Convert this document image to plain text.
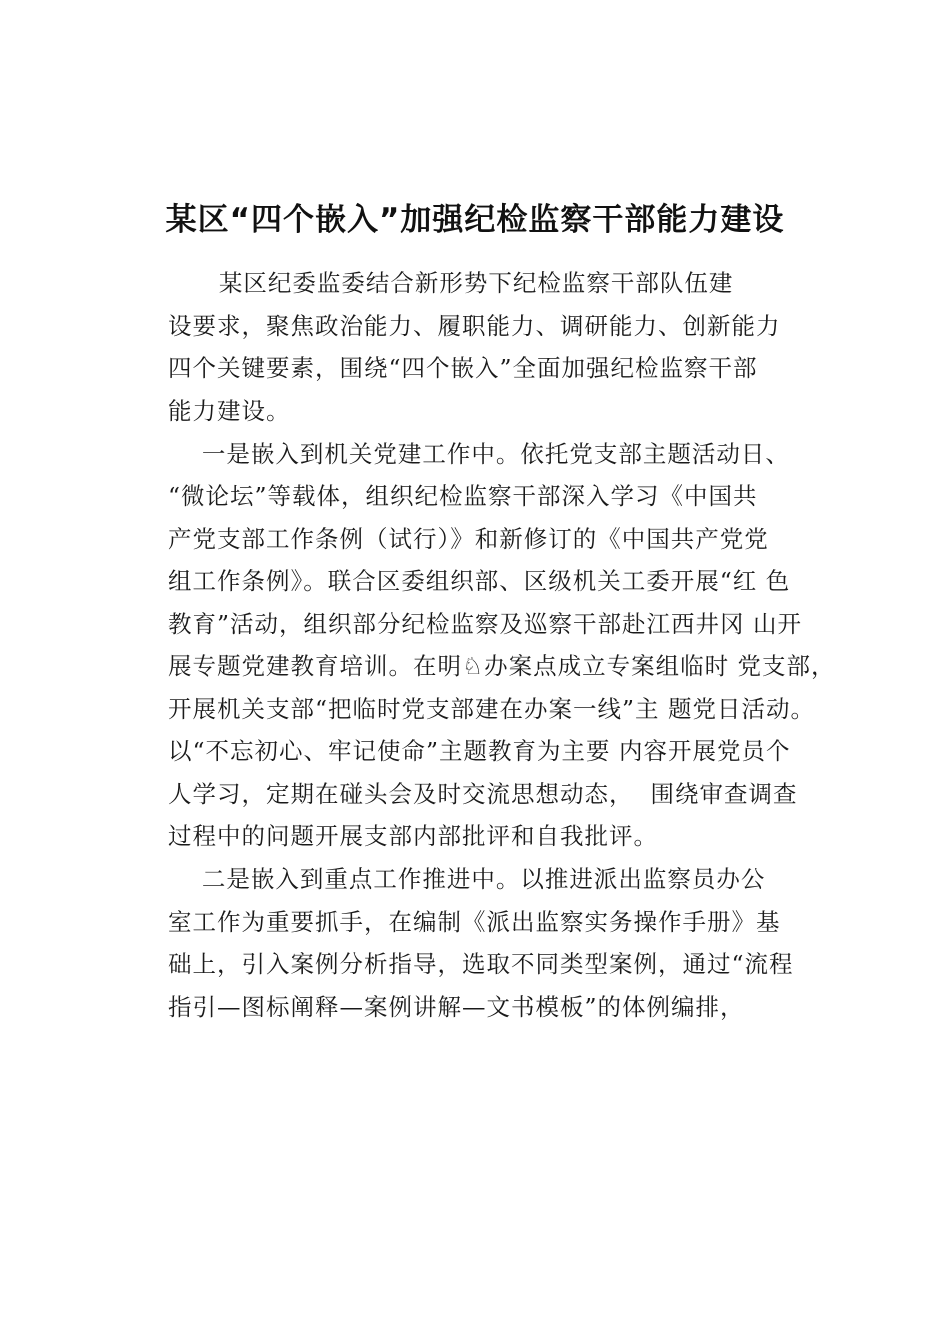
某区“四个嵌入”加强纪检监察干部能力建设
某区纪委监委结合新形势下纪检监察干部队伍建
设要求，聚焦政治能力、履职能力、调研能力、创新能力
四个关键要素，围绕“四个嵌入”全面加强纪检监察干部
能力建设。
一是嵌入到机关党建工作中。依托党支部主题活动日、
“微论坛”等载体，组织纪检监察干部深入学习《中国共
产党支部工作条例（试行）》和新修订的《中国共产党党
组工作条例》。联合区委组织部、区级机关工委开展“红 色
教育”活动，组织部分纪检监察及巡察干部赴江西井冈 山开
展专题党建教育培训。在明♘办案点成立专案组临时 党支部，
开展机关支部“把临时党支部建在办案一线”主 题党日活动。
以“不忘初心、牢记使命”主题教育为主要 内容开展党员个
人学习，定期在碰头会及时交流思想动态，  围绕审查调查
过程中的问题开展支部内部批评和自我批评。
二是嵌入到重点工作推进中。以推进派出监察员办公
室工作为重要抓手，在编制《派出监察实务操作手册》基
础上，引入案例分析指导，选取不同类型案例，通过“流程
指引—图标阐释—案例讲解—文书模板”的体例编排，
